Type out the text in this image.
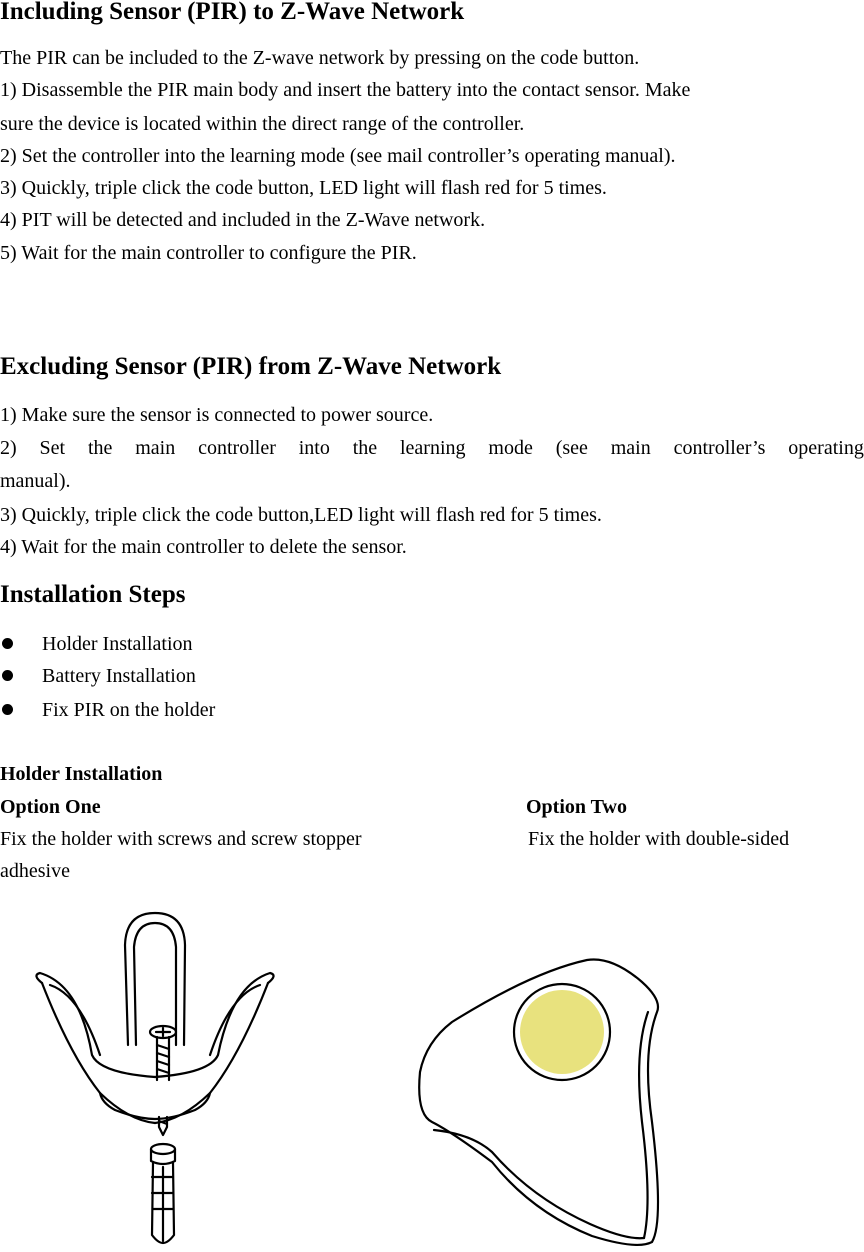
Including Sensor (PIR) to Z-Wave Network

The PIR can be included to the Z-wave network by pressing on the code button.

1) Disassemble the PIR main body and insert the battery into the contact sensor. Make

sure the device is located within the direct range of the controller.

2) Set the controller into the learning mode (see mail controller’s operating manual).

3) Quickly, triple click the code button, LED light will flash red for 5 times.

4) PIT will be detected and included in the Z-Wave network.

5) Wait for the main controller to configure the PIR.

Excluding Sensor (PIR) from Z-Wave Network

1) Make sure the sensor is connected to power source.

2) Set the main controller into the learning mode (see main controller’s operating

manual).

3) Quickly, triple click the code button,LED light will flash red for 5 times.

4) Wait for the main controller to delete the sensor.

Installation Steps

Holder Installation

Battery Installation

Fix PIR on the holder

Holder Installation

Option One	Option Two

Fix the holder with screws and screw stopper	Fix the holder with double-sided

adhesive
